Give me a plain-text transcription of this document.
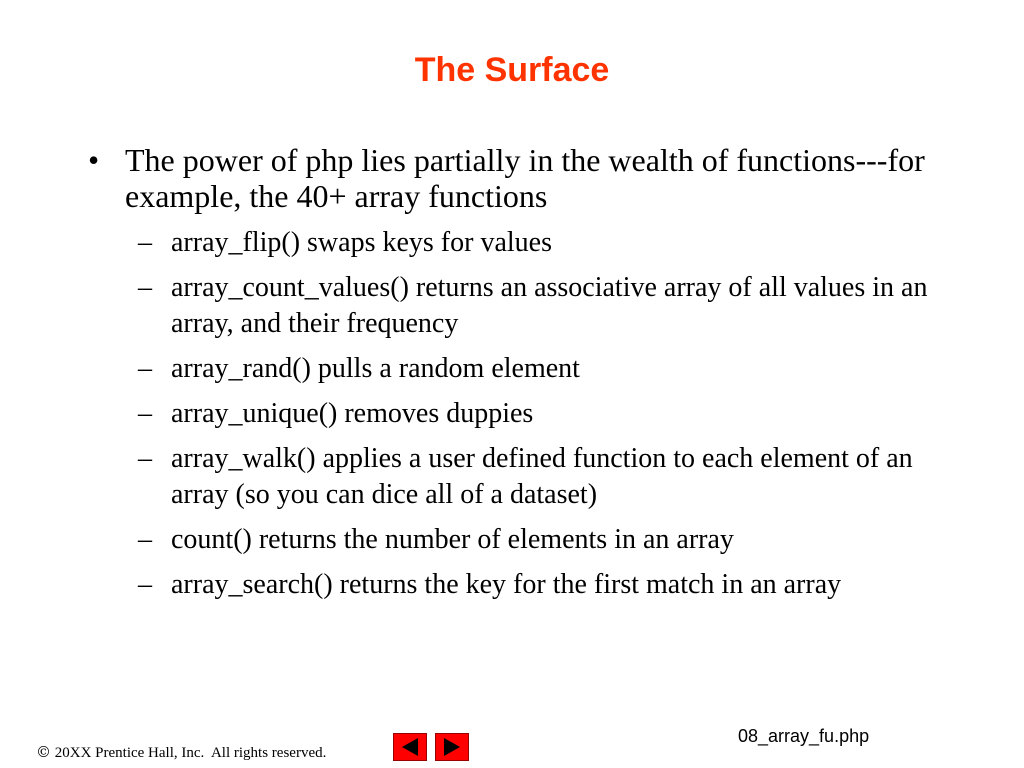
The Surface
• The power of php lies partially in the wealth of functions---for example, the 40+ array functions
– array_flip() swaps keys for values
– array_count_values() returns an associative array of all values in an array, and their frequency
– array_rand() pulls a random element
– array_unique() removes duppies
– array_walk() applies a user defined function to each element of an array (so you can dice all of a dataset)
– count() returns the number of elements in an array
– array_search() returns the key for the first match in an array
08_array_fu.php
© 20XX Prentice Hall, Inc.  All rights reserved.
